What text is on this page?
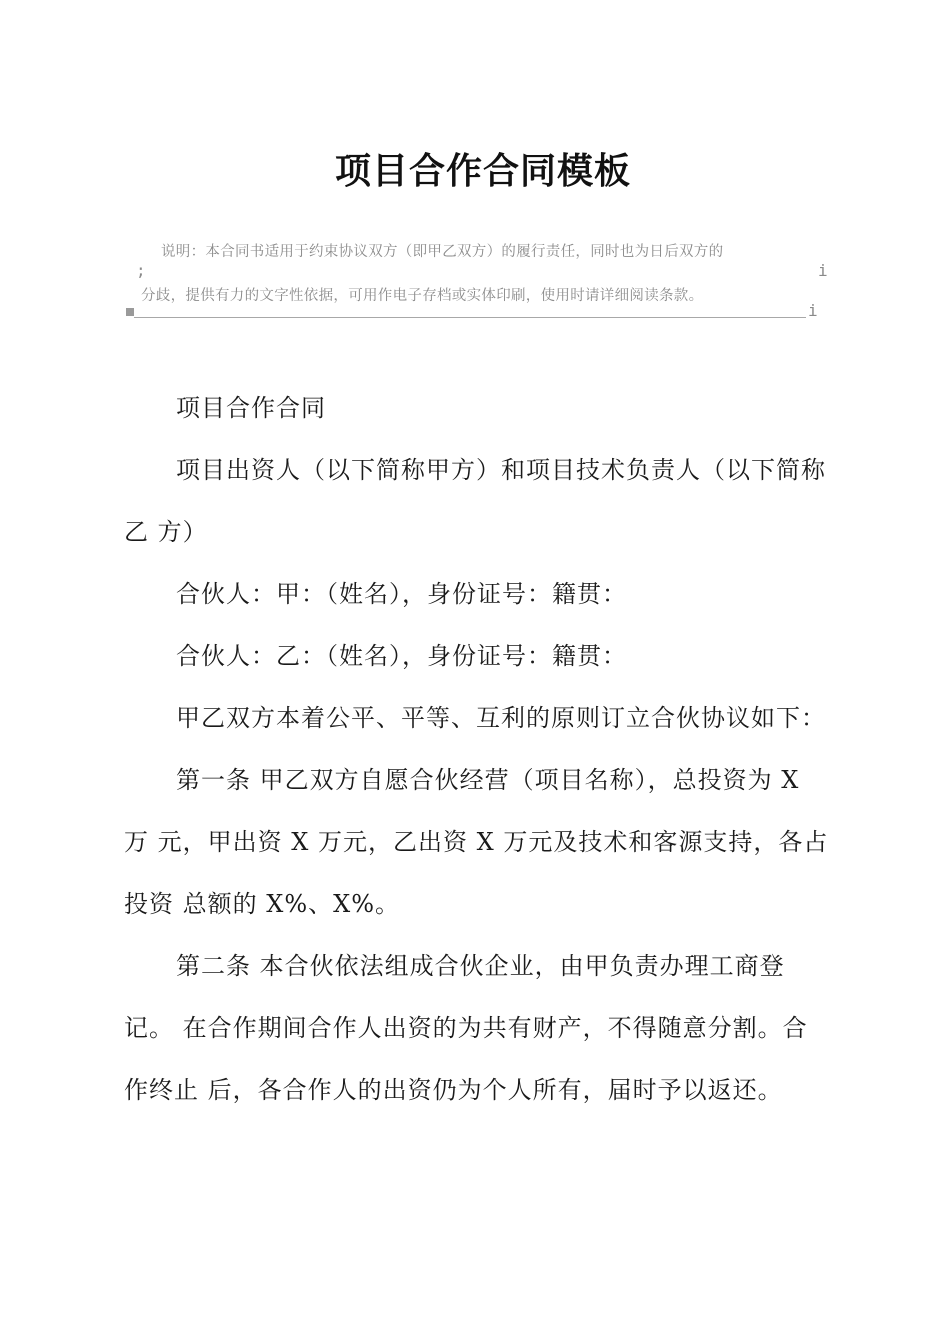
项目合作合同模板
说明：本合同书适用于约束协议双方（即甲乙双方）的履行责任，同时也为日后双方的
;	i
分歧，提供有力的文字性依据，可用作电子存档或实体印刷，使用时请详细阅读条款。
i
项目合作合同
项目出资人（以下简称甲方）和项目技术负责人（以下简称
乙 方）
合伙人：甲：（姓名），身份证号：籍贯：
合伙人：乙：（姓名），身份证号：籍贯：
甲乙双方本着公平、平等、互利的原则订立合伙协议如下：
第一条 甲乙双方自愿合伙经营（项目名称），总投资为 X
万 元，甲出资 X 万元，乙出资 X 万元及技术和客源支持，各占
投资 总额的 X%、X%。
第二条 本合伙依法组成合伙企业，由甲负责办理工商登
记。 在合作期间合作人出资的为共有财产，不得随意分割。合
作终止 后，各合作人的出资仍为个人所有，届时予以返还。
